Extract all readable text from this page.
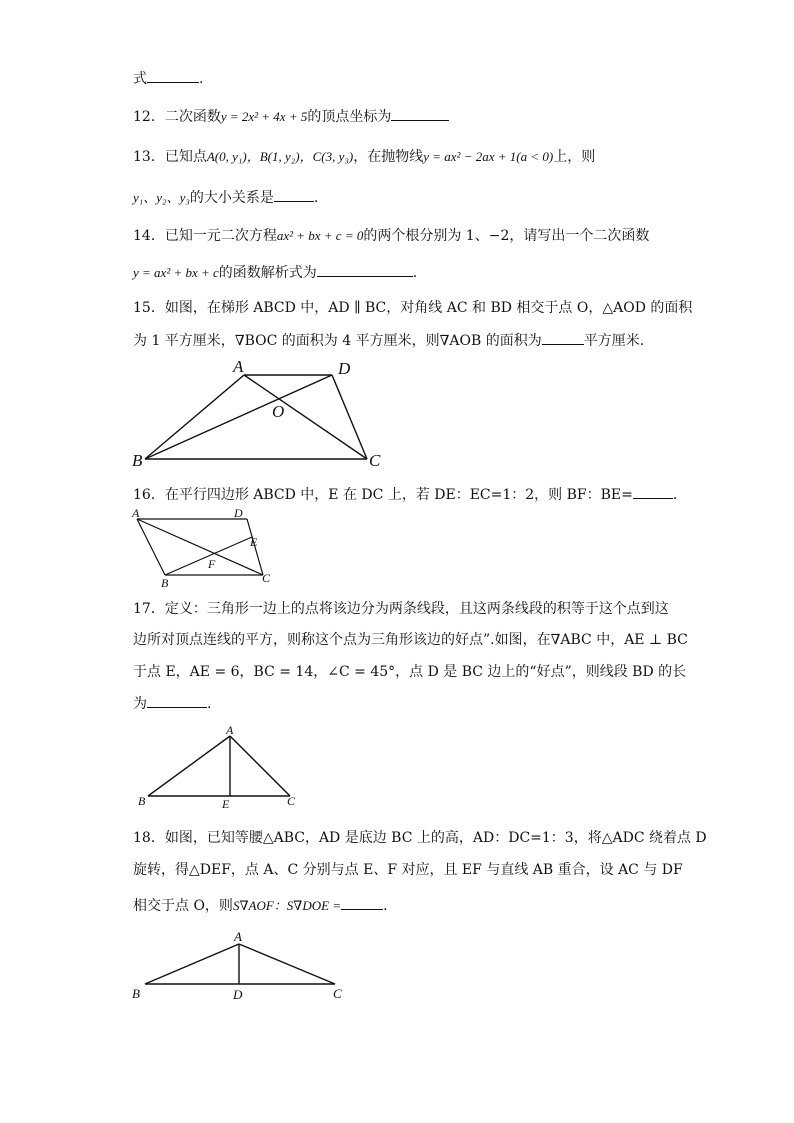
式	.
12．二次函数y = 2x² + 4x + 5的顶点坐标为
13．已知点A(0, y₁)，B(1, y₂)，C(3, y₃)，在抛物线y = ax² − 2ax + 1(a < 0)上，则
y₁、y₂、y₃的大小关系是	.
14．已知一元二次方程ax² + bx + c = 0的两个根分别为 1、−2，请写出一个二次函数
y = ax² + bx + c的函数解析式为	.
15．如图，在梯形 ABCD 中，AD ∥ BC，对角线 AC 和 BD 相交于点 O，△AOD 的面积
为 1 平方厘米，∇BOC 的面积为 4 平方厘米，则∇AOB 的面积为	平方厘米.
A	D
O
B	C
16．在平行四边形 ABCD 中，E 在 DC 上，若 DE：EC=1：2，则 BF：BE=	.
A	D
E
F
B	C
17．定义：三角形一边上的点将该边分为两条线段，且这两条线段的积等于这个点到这
边所对顶点连线的平方，则称这个点为三角形该边的好点”.如图，在∇ABC 中，AE ⊥ BC
于点 E，AE = 6，BC = 14，∠C = 45°，点 D 是 BC 边上的“好点”，则线段 BD 的长
为	.
A
B	E	C
18．如图，已知等腰△ABC，AD 是底边 BC 上的高，AD：DC=1：3，将△ADC 绕着点 D
旋转，得△DEF，点 A、C 分别与点 E、F 对应，且 EF 与直线 AB 重合，设 AC 与 DF
相交于点 O，则S∇AOF：S∇DOE =	.
A
B	D	C
